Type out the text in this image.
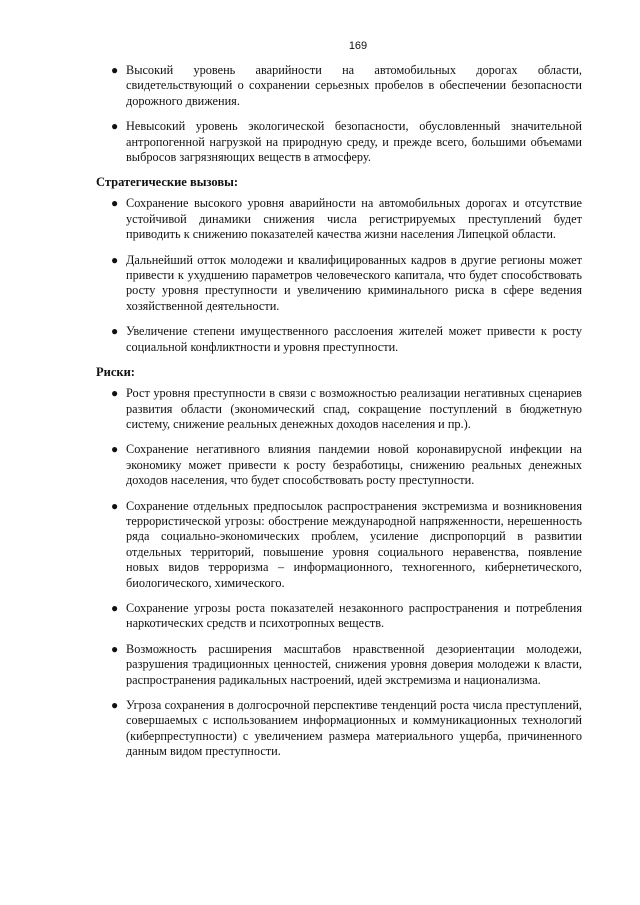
169
● Высокий уровень аварийности на автомобильных дорогах области, свидетельствующий о сохранении серьезных пробелов в обеспечении безопасности дорожного движения.
● Невысокий уровень экологической безопасности, обусловленный значительной антропогенной нагрузкой на природную среду, и прежде всего, большими объемами выбросов загрязняющих веществ в атмосферу.
Стратегические вызовы:
● Сохранение высокого уровня аварийности на автомобильных дорогах и отсутствие устойчивой динамики снижения числа регистрируемых преступлений будет приводить к снижению показателей качества жизни населения Липецкой области.
● Дальнейший отток молодежи и квалифицированных кадров в другие регионы может привести к ухудшению параметров человеческого капитала, что будет способствовать росту уровня преступности и увеличению криминального риска в сфере ведения хозяйственной деятельности.
● Увеличение степени имущественного расслоения жителей может привести к росту социальной конфликтности и уровня преступности.
Риски:
● Рост уровня преступности в связи с возможностью реализации негативных сценариев развития области (экономический спад, сокращение поступлений в бюджетную систему, снижение реальных денежных доходов населения и пр.).
● Сохранение негативного влияния пандемии новой коронавирусной инфекции на экономику может привести к росту безработицы, снижению реальных денежных доходов населения, что будет способствовать росту преступности.
● Сохранение отдельных предпосылок распространения экстремизма и возникновения террористической угрозы: обострение международной напряженности, нерешенность ряда социально-экономических проблем, усиление диспропорций в развитии отдельных территорий, повышение уровня социального неравенства, появление новых видов терроризма – информационного, техногенного, кибернетического, биологического, химического.
● Сохранение угрозы роста показателей незаконного распространения и потребления наркотических средств и психотропных веществ.
● Возможность расширения масштабов нравственной дезориентации молодежи, разрушения традиционных ценностей, снижения уровня доверия молодежи к власти, распространения радикальных настроений, идей экстремизма и национализма.
● Угроза сохранения в долгосрочной перспективе тенденций роста числа преступлений, совершаемых с использованием информационных и коммуникационных технологий (киберпреступности) с увеличением размера материального ущерба, причиненного данным видом преступности.
